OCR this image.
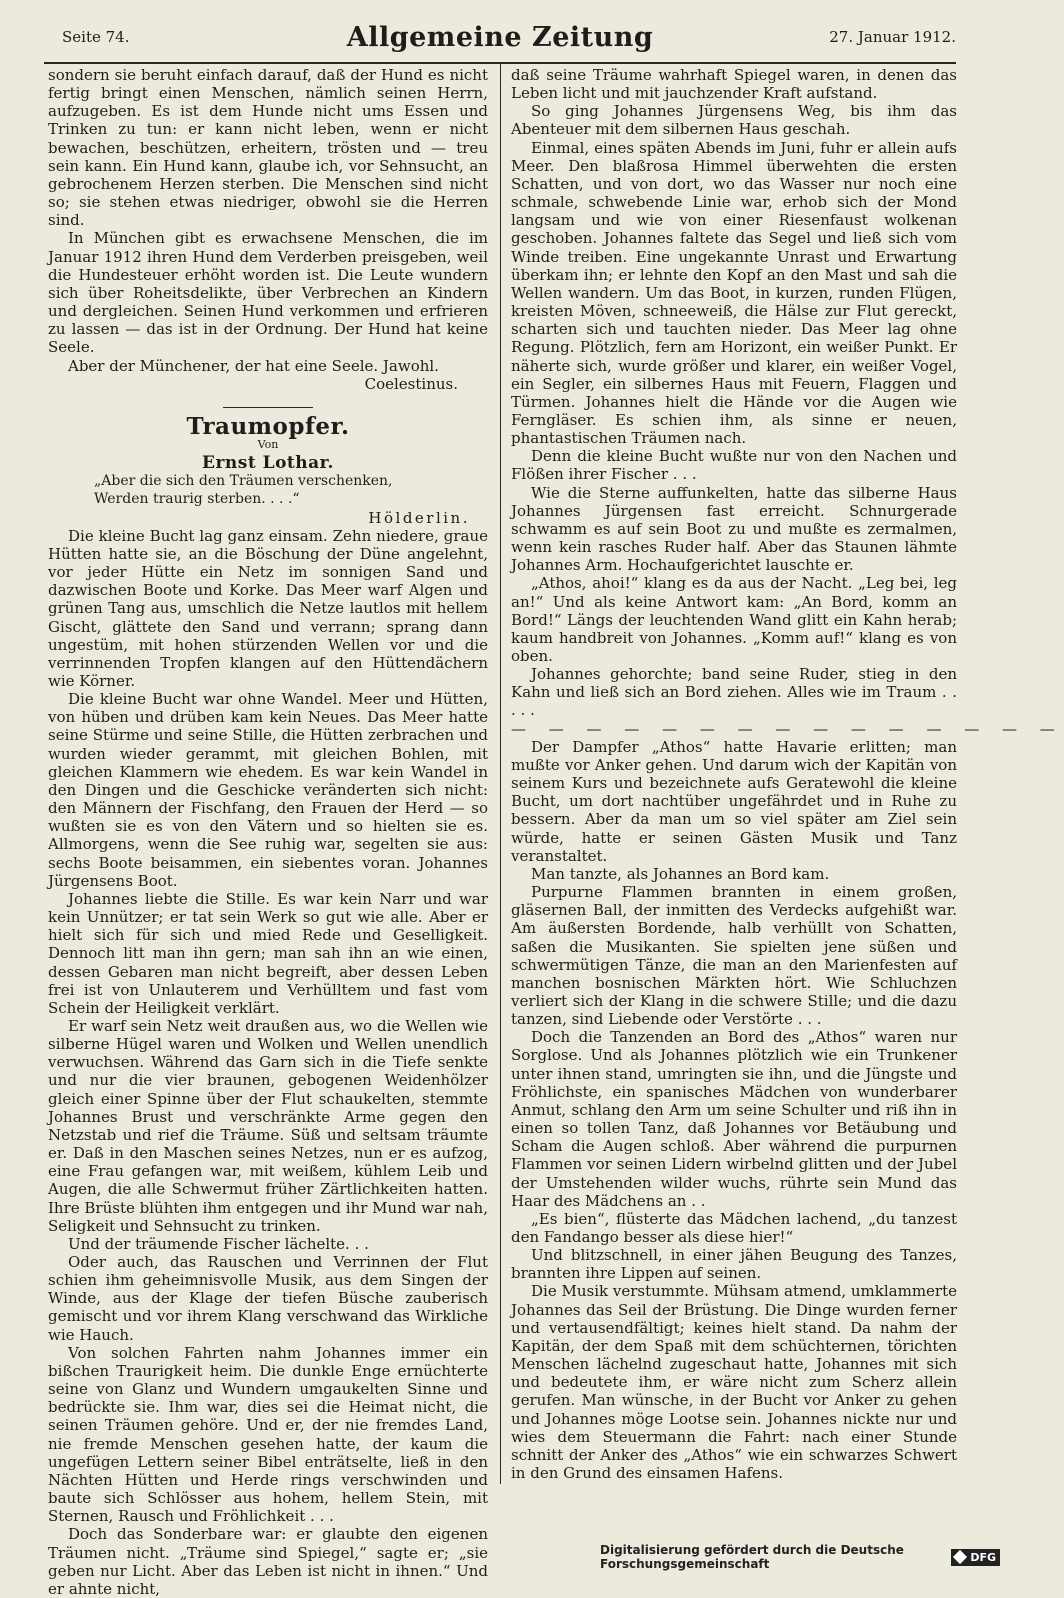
Seite 74.	Allgemeine Zeitung	27. Januar 1912.

sondern sie beruht einfach darauf, daß der Hund es nicht fertig bringt einen Menschen, nämlich seinen Herrn, aufzugeben. Es ist dem Hunde nicht ums Essen und Trinken zu tun: er kann nicht leben, wenn er nicht bewachen, beschützen, erheitern, trösten und — treu sein kann. Ein Hund kann, glaube ich, vor Sehnsucht, an gebrochenem Herzen sterben. Die Menschen sind nicht so; sie stehen etwas niedriger, obwohl sie die Herren sind.

In München gibt es erwachsene Menschen, die im Januar 1912 ihren Hund dem Verderben preisgeben, weil die Hundesteuer erhöht worden ist. Die Leute wundern sich über Roheitsdelikte, über Verbrechen an Kindern und dergleichen. Seinen Hund verkommen und erfrieren zu lassen — das ist in der Ordnung. Der Hund hat keine Seele.

Aber der Münchener, der hat eine Seele. Jawohl.

Coelestinus.

Traumopfer.

Von

Ernst Lothar.

„Aber die sich den Träumen verschenken,

Werden traurig sterben. . . .“

Hölderlin.

Die kleine Bucht lag ganz einsam. Zehn niedere, graue Hütten hatte sie, an die Böschung der Düne angelehnt, vor jeder Hütte ein Netz im sonnigen Sand und dazwischen Boote und Korke. Das Meer warf Algen und grünen Tang aus, umschlich die Netze lautlos mit hellem Gischt, glättete den Sand und verrann; sprang dann ungestüm, mit hohen stürzenden Wellen vor und die verrinnenden Tropfen klangen auf den Hüttendächern wie Körner.

Die kleine Bucht war ohne Wandel. Meer und Hütten, von hüben und drüben kam kein Neues. Das Meer hatte seine Stürme und seine Stille, die Hütten zerbrachen und wurden wieder gerammt, mit gleichen Bohlen, mit gleichen Klammern wie ehedem. Es war kein Wandel in den Dingen und die Geschicke veränderten sich nicht: den Männern der Fischfang, den Frauen der Herd — so wußten sie es von den Vätern und so hielten sie es. Allmorgens, wenn die See ruhig war, segelten sie aus: sechs Boote beisammen, ein siebentes voran. Johannes Jürgensens Boot.

Johannes liebte die Stille. Es war kein Narr und war kein Unnützer; er tat sein Werk so gut wie alle. Aber er hielt sich für sich und mied Rede und Geselligkeit. Dennoch litt man ihn gern; man sah ihn an wie einen, dessen Gebaren man nicht begreift, aber dessen Leben frei ist von Unlauterem und Verhülltem und fast vom Schein der Heiligkeit verklärt.

Er warf sein Netz weit draußen aus, wo die Wellen wie silberne Hügel waren und Wolken und Wellen unendlich verwuchsen. Während das Garn sich in die Tiefe senkte und nur die vier braunen, gebogenen Weidenhölzer gleich einer Spinne über der Flut schaukelten, stemmte Johannes Brust und verschränkte Arme gegen den Netzstab und rief die Träume. Süß und seltsam träumte er. Daß in den Maschen seines Netzes, nun er es aufzog, eine Frau gefangen war, mit weißem, kühlem Leib und Augen, die alle Schwermut früher Zärtlichkeiten hatten. Ihre Brüste blühten ihm entgegen und ihr Mund war nah, Seligkeit und Sehnsucht zu trinken.

Und der träumende Fischer lächelte. . .

Oder auch, das Rauschen und Verrinnen der Flut schien ihm geheimnisvolle Musik, aus dem Singen der Winde, aus der Klage der tiefen Büsche zauberisch gemischt und vor ihrem Klang verschwand das Wirkliche wie Hauch.

Von solchen Fahrten nahm Johannes immer ein bißchen Traurigkeit heim. Die dunkle Enge ernüchterte seine von Glanz und Wundern umgaukelten Sinne und bedrückte sie. Ihm war, dies sei die Heimat nicht, die seinen Träumen gehöre. Und er, der nie fremdes Land, nie fremde Menschen gesehen hatte, der kaum die ungefügen Lettern seiner Bibel enträtselte, ließ in den Nächten Hütten und Herde rings verschwinden und baute sich Schlösser aus hohem, hellem Stein, mit Sternen, Rausch und Fröhlichkeit . . .

Doch das Sonderbare war: er glaubte den eigenen Träumen nicht. „Träume sind Spiegel,“ sagte er; „sie geben nur Licht. Aber das Leben ist nicht in ihnen.“ Und er ahnte nicht,

daß seine Träume wahrhaft Spiegel waren, in denen das Leben licht und mit jauchzender Kraft aufstand.

So ging Johannes Jürgensens Weg, bis ihm das Abenteuer mit dem silbernen Haus geschah.

Einmal, eines späten Abends im Juni, fuhr er allein aufs Meer. Den blaßrosa Himmel überwehten die ersten Schatten, und von dort, wo das Wasser nur noch eine schmale, schwebende Linie war, erhob sich der Mond langsam und wie von einer Riesenfaust wolkenan geschoben. Johannes faltete das Segel und ließ sich vom Winde treiben. Eine ungekannte Unrast und Erwartung überkam ihn; er lehnte den Kopf an den Mast und sah die Wellen wandern. Um das Boot, in kurzen, runden Flügen, kreisten Möven, schneeweiß, die Hälse zur Flut gereckt, scharten sich und tauchten nieder. Das Meer lag ohne Regung. Plötzlich, fern am Horizont, ein weißer Punkt. Er näherte sich, wurde größer und klarer, ein weißer Vogel, ein Segler, ein silbernes Haus mit Feuern, Flaggen und Türmen. Johannes hielt die Hände vor die Augen wie Ferngläser. Es schien ihm, als sinne er neuen, phantastischen Träumen nach.

Denn die kleine Bucht wußte nur von den Nachen und Flößen ihrer Fischer . . .

Wie die Sterne auffunkelten, hatte das silberne Haus Johannes Jürgensen fast erreicht. Schnurgerade schwamm es auf sein Boot zu und mußte es zermalmen, wenn kein rasches Ruder half. Aber das Staunen lähmte Johannes Arm. Hochaufgerichtet lauschte er.

„Athos, ahoi!“ klang es da aus der Nacht. „Leg bei, leg an!“ Und als keine Antwort kam: „An Bord, komm an Bord!“ Längs der leuchtenden Wand glitt ein Kahn herab; kaum handbreit von Johannes. „Komm auf!“ klang es von oben.

Johannes gehorchte; band seine Ruder, stieg in den Kahn und ließ sich an Bord ziehen. Alles wie im Traum . . . . .

— — — — — — — — — — — — — — —

Der Dampfer „Athos“ hatte Havarie erlitten; man mußte vor Anker gehen. Und darum wich der Kapitän von seinem Kurs und bezeichnete aufs Geratewohl die kleine Bucht, um dort nachtüber ungefährdet und in Ruhe zu bessern. Aber da man um so viel später am Ziel sein würde, hatte er seinen Gästen Musik und Tanz veranstaltet.

Man tanzte, als Johannes an Bord kam.

Purpurne Flammen brannten in einem großen, gläsernen Ball, der inmitten des Verdecks aufgehißt war. Am äußersten Bordende, halb verhüllt von Schatten, saßen die Musikanten. Sie spielten jene süßen und schwermütigen Tänze, die man an den Marienfesten auf manchen bosnischen Märkten hört. Wie Schluchzen verliert sich der Klang in die schwere Stille; und die dazu tanzen, sind Liebende oder Verstörte . . .

Doch die Tanzenden an Bord des „Athos“ waren nur Sorglose. Und als Johannes plötzlich wie ein Trunkener unter ihnen stand, umringten sie ihn, und die Jüngste und Fröhlichste, ein spanisches Mädchen von wunderbarer Anmut, schlang den Arm um seine Schulter und riß ihn in einen so tollen Tanz, daß Johannes vor Betäubung und Scham die Augen schloß. Aber während die purpurnen Flammen vor seinen Lidern wirbelnd glitten und der Jubel der Umstehenden wilder wuchs, rührte sein Mund das Haar des Mädchens an . .

„Es bien“, flüsterte das Mädchen lachend, „du tanzest den Fandango besser als diese hier!“

Und blitzschnell, in einer jähen Beugung des Tanzes, brannten ihre Lippen auf seinen.

Die Musik verstummte. Mühsam atmend, umklammerte Johannes das Seil der Brüstung. Die Dinge wurden ferner und vertausendfältigt; keines hielt stand. Da nahm der Kapitän, der dem Spaß mit dem schüchternen, törichten Menschen lächelnd zugeschaut hatte, Johannes mit sich und bedeutete ihm, er wäre nicht zum Scherz allein gerufen. Man wünsche, in der Bucht vor Anker zu gehen und Johannes möge Lootse sein. Johannes nickte nur und wies dem Steuermann die Fahrt: nach einer Stunde schnitt der Anker des „Athos“ wie ein schwarzes Schwert in den Grund des einsamen Hafens.

Digitalisierung gefördert durch die Deutsche Forschungsgemeinschaft	DFG
